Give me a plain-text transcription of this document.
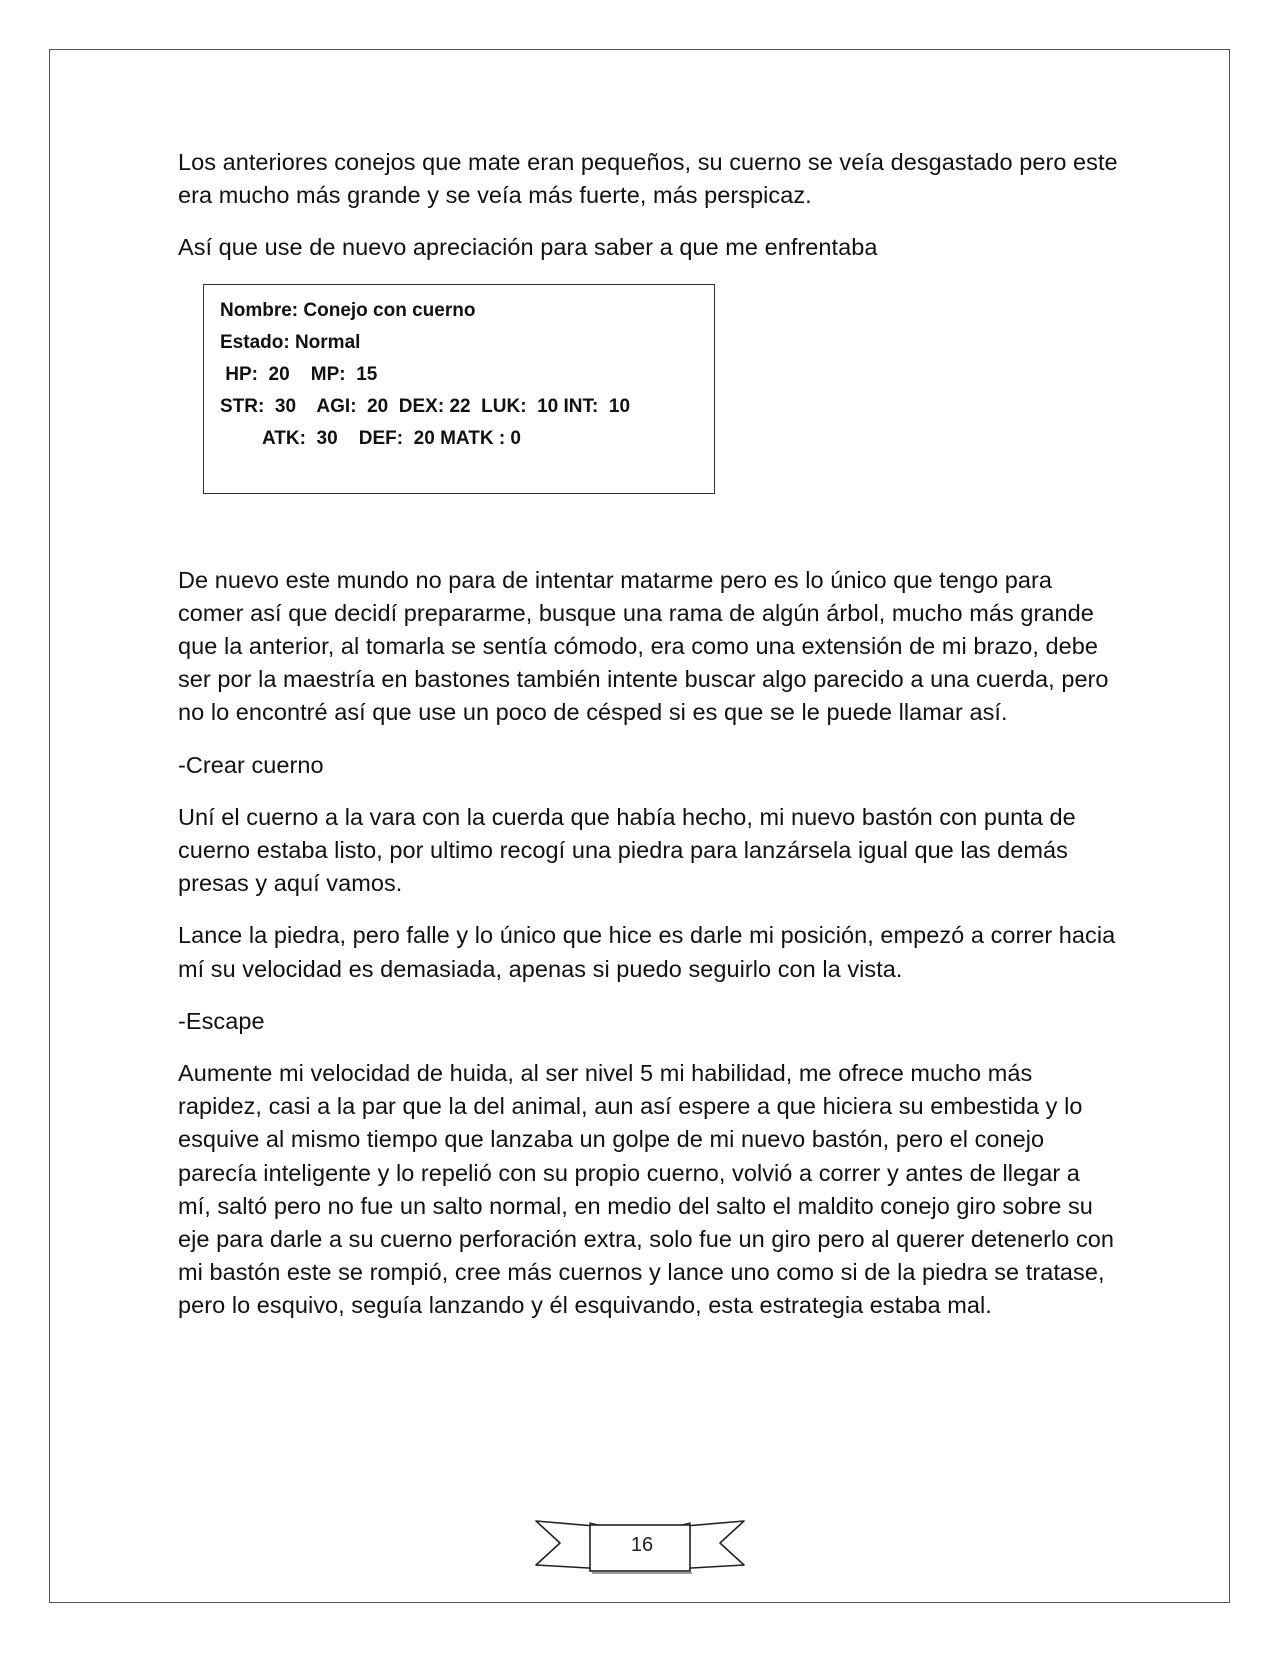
Los anteriores conejos que mate eran pequeños, su cuerno se veía desgastado pero este era mucho más grande y se veía más fuerte, más perspicaz.

Así que use de nuevo apreciación para saber a que me enfrentaba

Nombre: Conejo con cuerno
Estado: Normal
HP:  20    MP:  15
STR:  30    AGI:  20  DEX: 22  LUK:  10 INT:  10
ATK:  30    DEF:  20 MATK : 0

De nuevo este mundo no para de intentar matarme pero es lo único que tengo para comer así que decidí prepararme, busque una rama de algún árbol, mucho más grande que la anterior, al tomarla se sentía cómodo, era como una extensión de mi brazo, debe ser por la maestría en bastones también intente buscar algo parecido a una cuerda, pero no lo encontré así que use un poco de césped si es que se le puede llamar así.

-Crear cuerno

Uní el cuerno a la vara con la cuerda que había hecho, mi nuevo bastón con punta de cuerno estaba listo, por ultimo recogí una piedra para lanzársela igual que las demás presas y aquí vamos.

Lance la piedra, pero falle y lo único que hice es darle mi posición, empezó a correr hacia mí su velocidad es demasiada, apenas si puedo seguirlo con la vista.

-Escape

Aumente mi velocidad de huida, al ser nivel 5 mi habilidad, me ofrece mucho más rapidez, casi a la par que la del animal, aun así espere a que hiciera su embestida y lo esquive al mismo tiempo que lanzaba un golpe de mi nuevo bastón, pero el conejo parecía inteligente y lo repelió con su propio cuerno, volvió a correr y antes de llegar a mí, saltó pero no fue un salto normal, en medio del salto el maldito conejo giro sobre su eje para darle a su cuerno perforación extra, solo fue un giro pero al querer detenerlo con mi bastón este se rompió, cree más cuernos y lance uno como si de la piedra se tratase, pero lo esquivo, seguía lanzando y él esquivando, esta estrategia estaba mal.

16
